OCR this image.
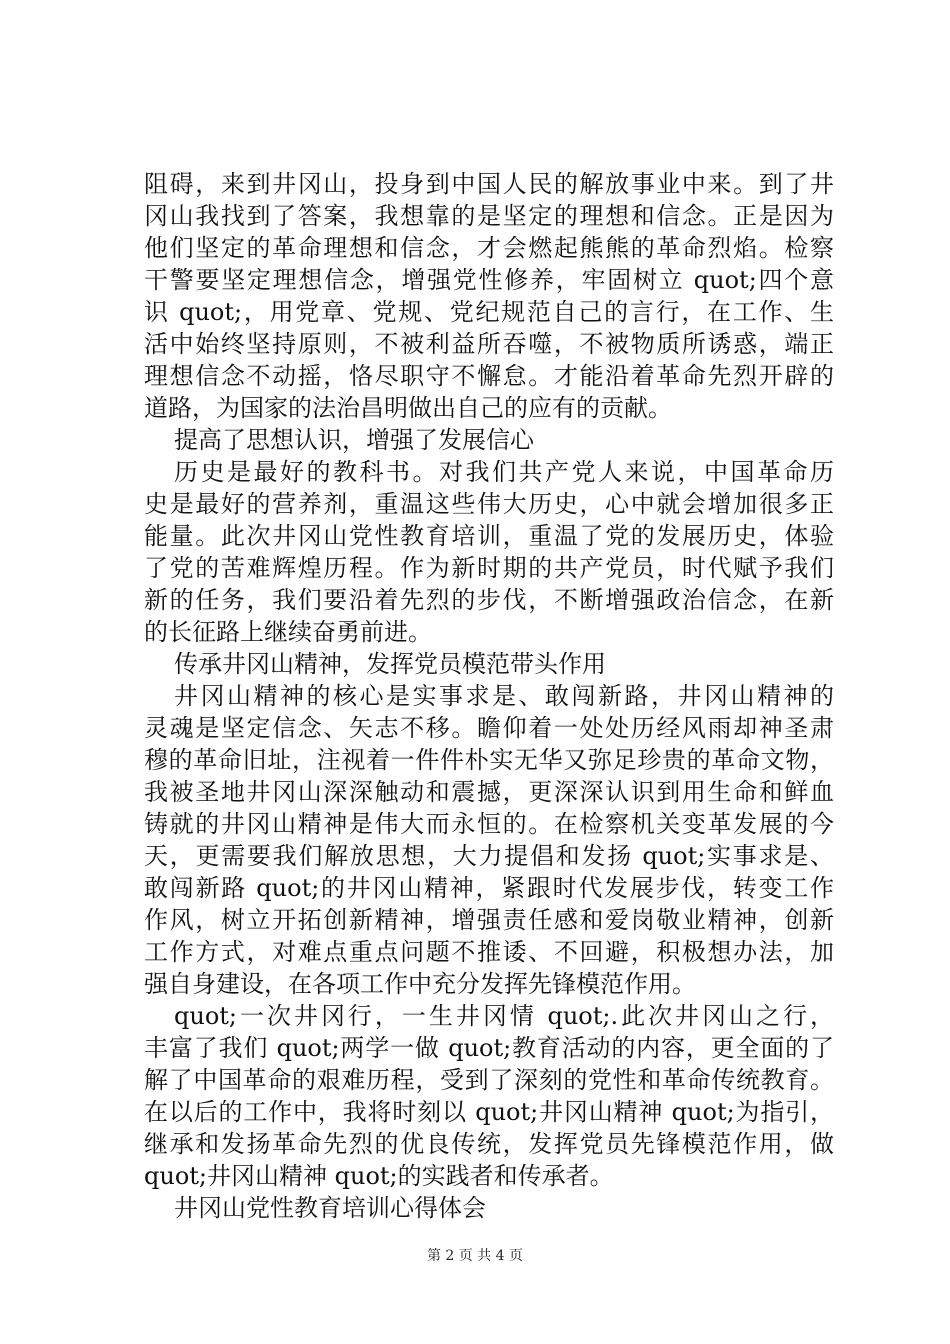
阻碍，来到井冈山，投身到中国人民的解放事业中来。到了井
冈山我找到了答案，我想靠的是坚定的理想和信念。正是因为
他们坚定的革命理想和信念，才会燃起熊熊的革命烈焰。检察
干警要坚定理想信念，增强党性修养，牢固树立 quot;四个意
识 quot;，用党章、党规、党纪规范自己的言行，在工作、生
活中始终坚持原则，不被利益所吞噬，不被物质所诱惑，端正
理想信念不动摇，恪尽职守不懈怠。才能沿着革命先烈开辟的
道路，为国家的法治昌明做出自己的应有的贡献。
提高了思想认识，增强了发展信心
历史是最好的教科书。对我们共产党人来说，中国革命历
史是最好的营养剂，重温这些伟大历史，心中就会增加很多正
能量。此次井冈山党性教育培训，重温了党的发展历史，体验
了党的苦难辉煌历程。作为新时期的共产党员，时代赋予我们
新的任务，我们要沿着先烈的步伐，不断增强政治信念，在新
的长征路上继续奋勇前进。
传承井冈山精神，发挥党员模范带头作用
井冈山精神的核心是实事求是、敢闯新路，井冈山精神的
灵魂是坚定信念、矢志不移。瞻仰着一处处历经风雨却神圣肃
穆的革命旧址，注视着一件件朴实无华又弥足珍贵的革命文物，
我被圣地井冈山深深触动和震撼，更深深认识到用生命和鲜血
铸就的井冈山精神是伟大而永恒的。在检察机关变革发展的今
天，更需要我们解放思想，大力提倡和发扬 quot;实事求是、
敢闯新路 quot;的井冈山精神，紧跟时代发展步伐，转变工作
作风，树立开拓创新精神，增强责任感和爱岗敬业精神，创新
工作方式，对难点重点问题不推诿、不回避，积极想办法，加
强自身建设，在各项工作中充分发挥先锋模范作用。
quot;一次井冈行，一生井冈情 quot;.此次井冈山之行，
丰富了我们 quot;两学一做 quot;教育活动的内容，更全面的了
解了中国革命的艰难历程，受到了深刻的党性和革命传统教育。
在以后的工作中，我将时刻以 quot;井冈山精神 quot;为指引，
继承和发扬革命先烈的优良传统，发挥党员先锋模范作用，做
quot;井冈山精神 quot;的实践者和传承者。
井冈山党性教育培训心得体会
第 2 页 共 4 页
